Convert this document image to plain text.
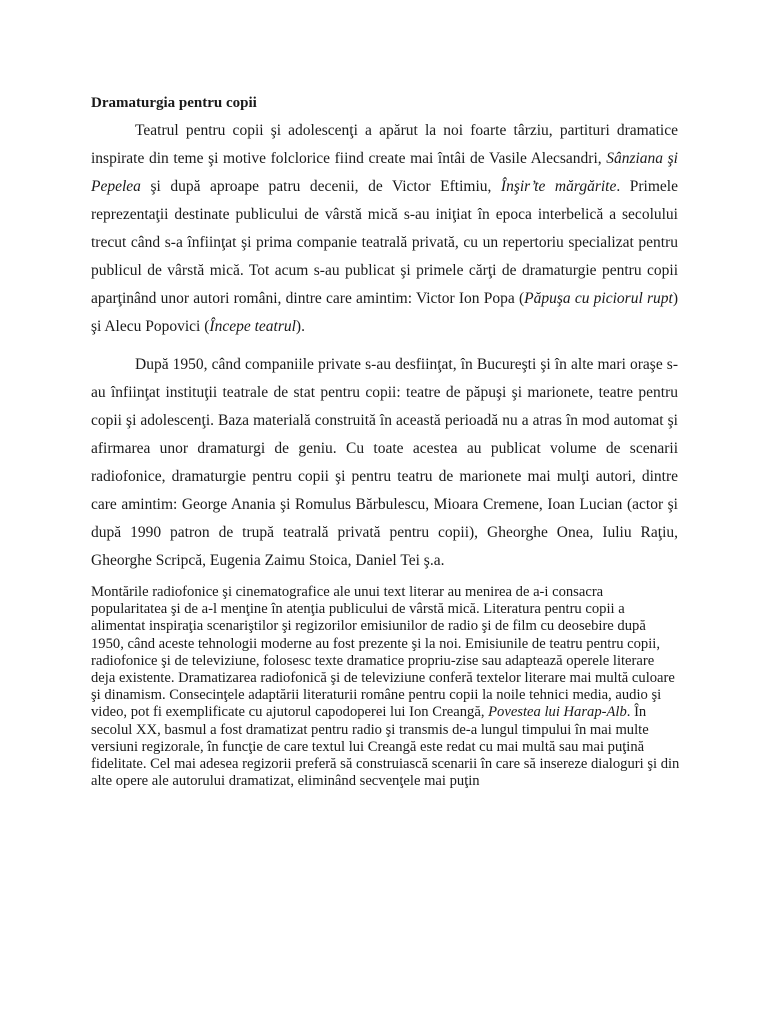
Dramaturgia pentru copii

Teatrul pentru copii şi adolescenţi a apărut la noi foarte târziu, partituri dramatice inspirate din teme şi motive folclorice fiind create mai întâi de Vasile Alecsandri, Sânziana şi Pepelea şi după aproape patru decenii, de Victor Eftimiu, Înşir’te mărgărite. Primele reprezentaţii destinate publicului de vârstă mică s-au iniţiat în epoca interbelică a secolului trecut când s-a înfiinţat şi prima companie teatrală privată, cu un repertoriu specializat pentru publicul de vârstă mică. Tot acum s-au publicat şi primele cărţi de dramaturgie pentru copii aparţinând unor autori români, dintre care amintim: Victor Ion Popa (Păpuşa cu piciorul rupt) şi Alecu Popovici (Începe teatrul).

După 1950, când companiile private s-au desfiinţat, în Bucureşti şi în alte mari oraşe s-au înfiinţat instituţii teatrale de stat pentru copii: teatre de păpuşi şi marionete, teatre pentru copii şi adolescenţi. Baza materială construită în această perioadă nu a atras în mod automat şi afirmarea unor dramaturgi de geniu. Cu toate acestea au publicat volume de scenarii radiofonice, dramaturgie pentru copii şi pentru teatru de marionete mai mulţi autori, dintre care amintim: George Anania şi Romulus Bărbulescu, Mioara Cremene, Ioan Lucian (actor şi după 1990 patron de trupă teatrală privată pentru copii), Gheorghe Onea, Iuliu Raţiu, Gheorghe Scripcă, Eugenia Zaimu Stoica, Daniel Tei ş.a.

Montările radiofonice şi cinematografice ale unui text literar au menirea de a-i consacra popularitatea şi de a-l menţine în atenţia publicului de vârstă mică. Literatura pentru copii a alimentat inspiraţia scenariştilor şi regizorilor emisiunilor de radio şi de film cu deosebire după 1950, când aceste tehnologii moderne au fost prezente şi la noi. Emisiunile de teatru pentru copii, radiofonice şi de televiziune, folosesc texte dramatice propriu-zise sau adaptează operele literare deja existente. Dramatizarea radiofonică şi de televiziune conferă textelor literare mai multă culoare şi dinamism. Consecinţele adaptării literaturii române pentru copii la noile tehnici media, audio şi video, pot fi exemplificate cu ajutorul capodoperei lui Ion Creangă, Povestea lui Harap-Alb. În secolul XX, basmul a fost dramatizat pentru radio şi transmis de-a lungul timpului în mai multe versiuni regizorale, în funcţie de care textul lui Creangă este redat cu mai multă sau mai puţină fidelitate. Cel mai adesea regizorii preferă să construiască scenarii în care să insereze dialoguri şi din alte opere ale autorului dramatizat, eliminând secvenţele mai puţin
